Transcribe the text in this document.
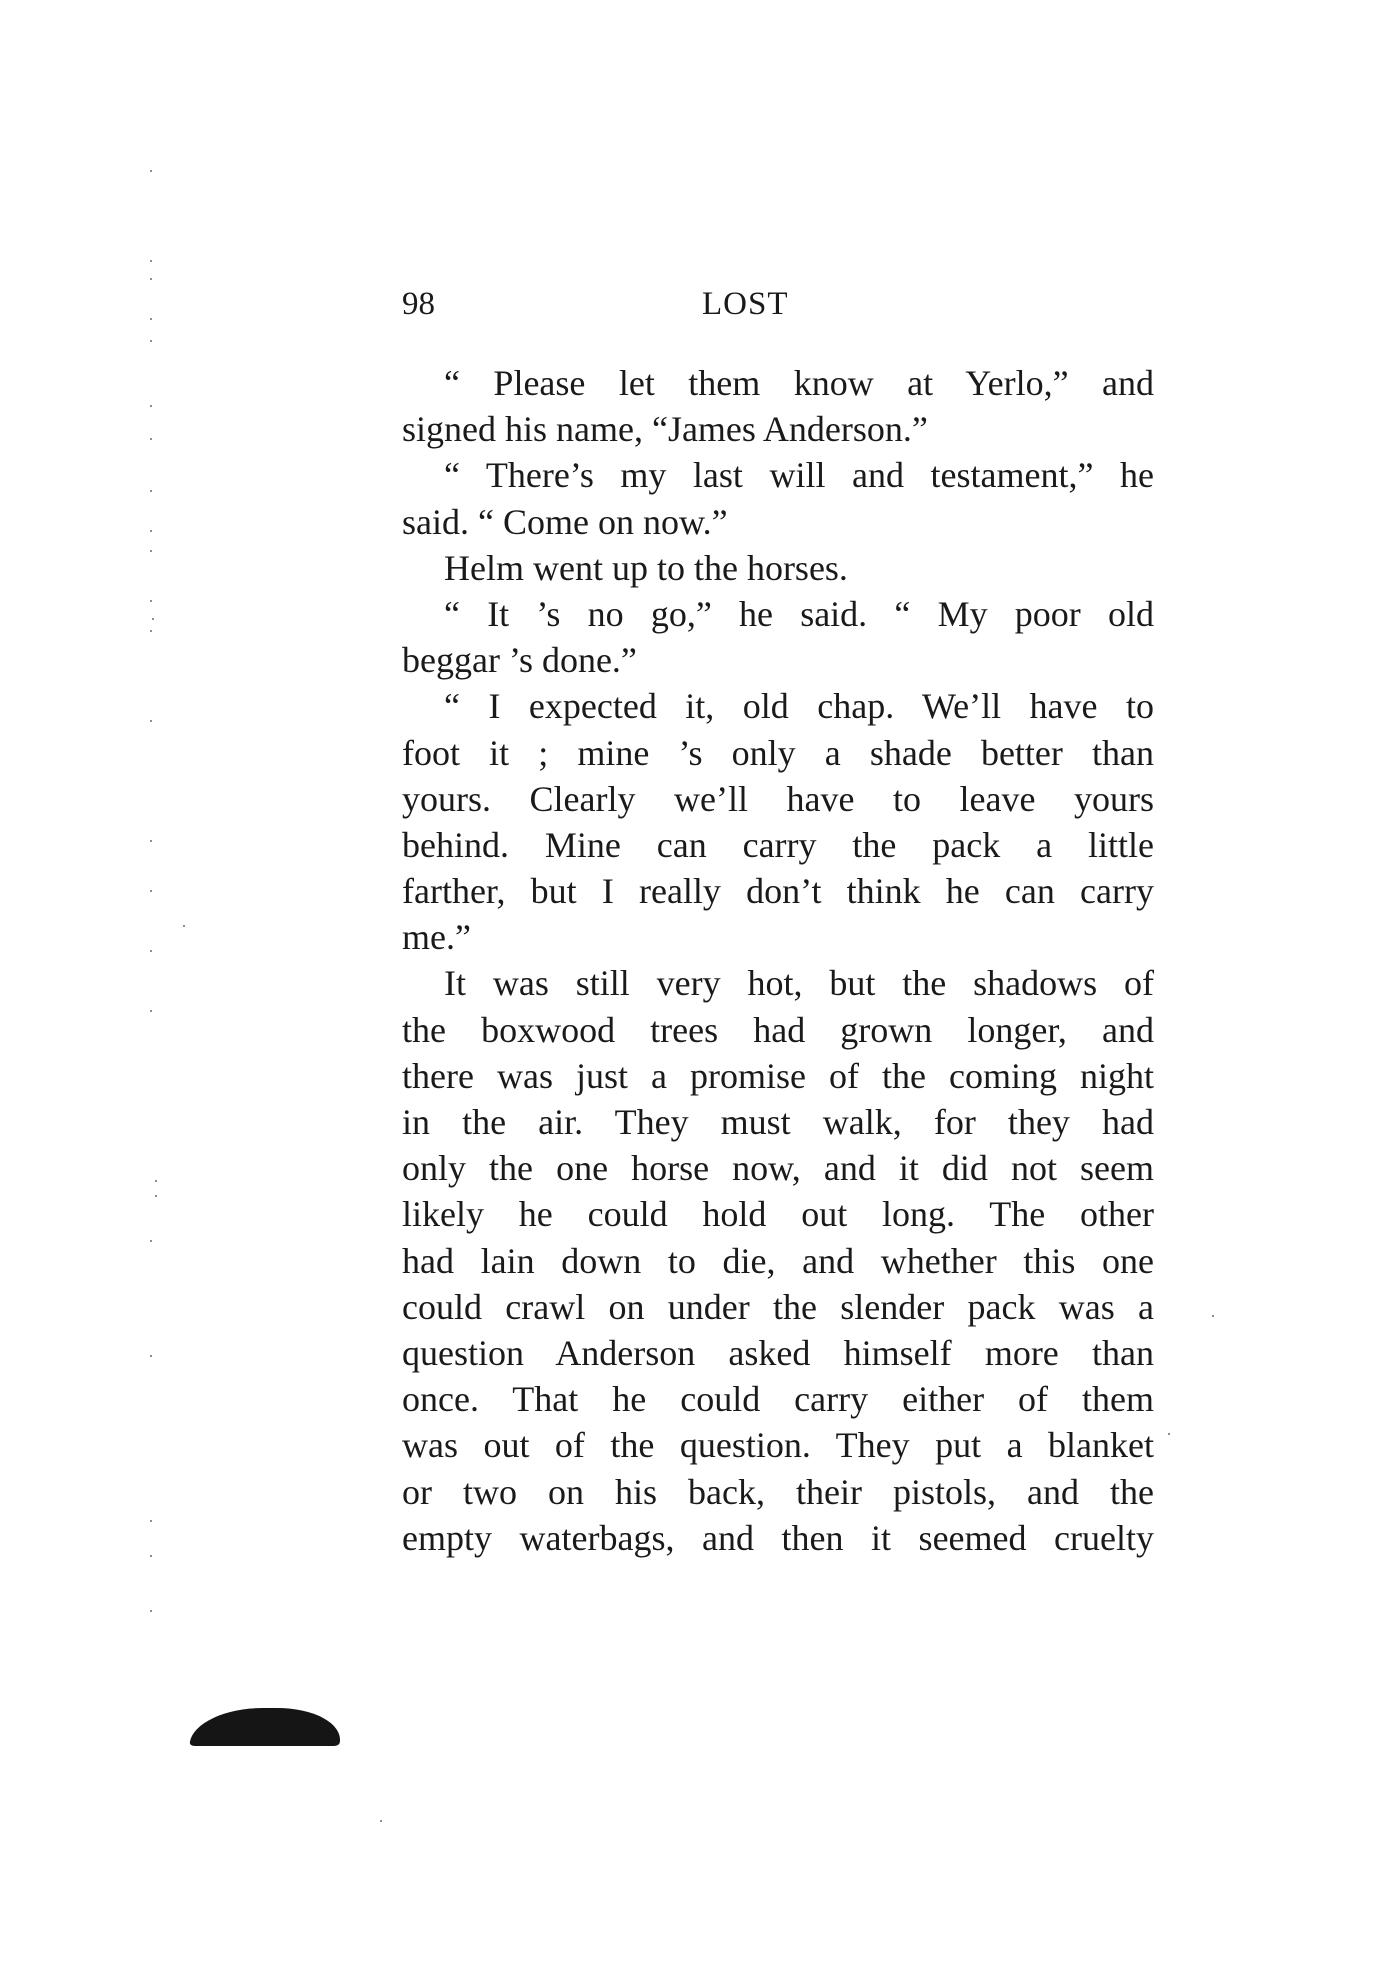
98	LOST
“ Please let them know at Yerlo,” and
signed his name, “James Anderson.”
“ There’s my last will and testament,” he
said. “ Come on now.”
Helm went up to the horses.
“ It ’s no go,” he said. “ My poor old
beggar ’s done.”
“ I expected it, old chap. We’ll have to
foot it ; mine ’s only a shade better than
yours. Clearly we’ll have to leave yours
behind. Mine can carry the pack a little
farther, but I really don’t think he can carry
me.”
It was still very hot, but the shadows of
the boxwood trees had grown longer, and
there was just a promise of the coming night
in the air. They must walk, for they had
only the one horse now, and it did not seem
likely he could hold out long. The other
had lain down to die, and whether this one
could crawl on under the slender pack was a
question Anderson asked himself more than
once. That he could carry either of them
was out of the question. They put a blanket
or two on his back, their pistols, and the
empty waterbags, and then it seemed cruelty
